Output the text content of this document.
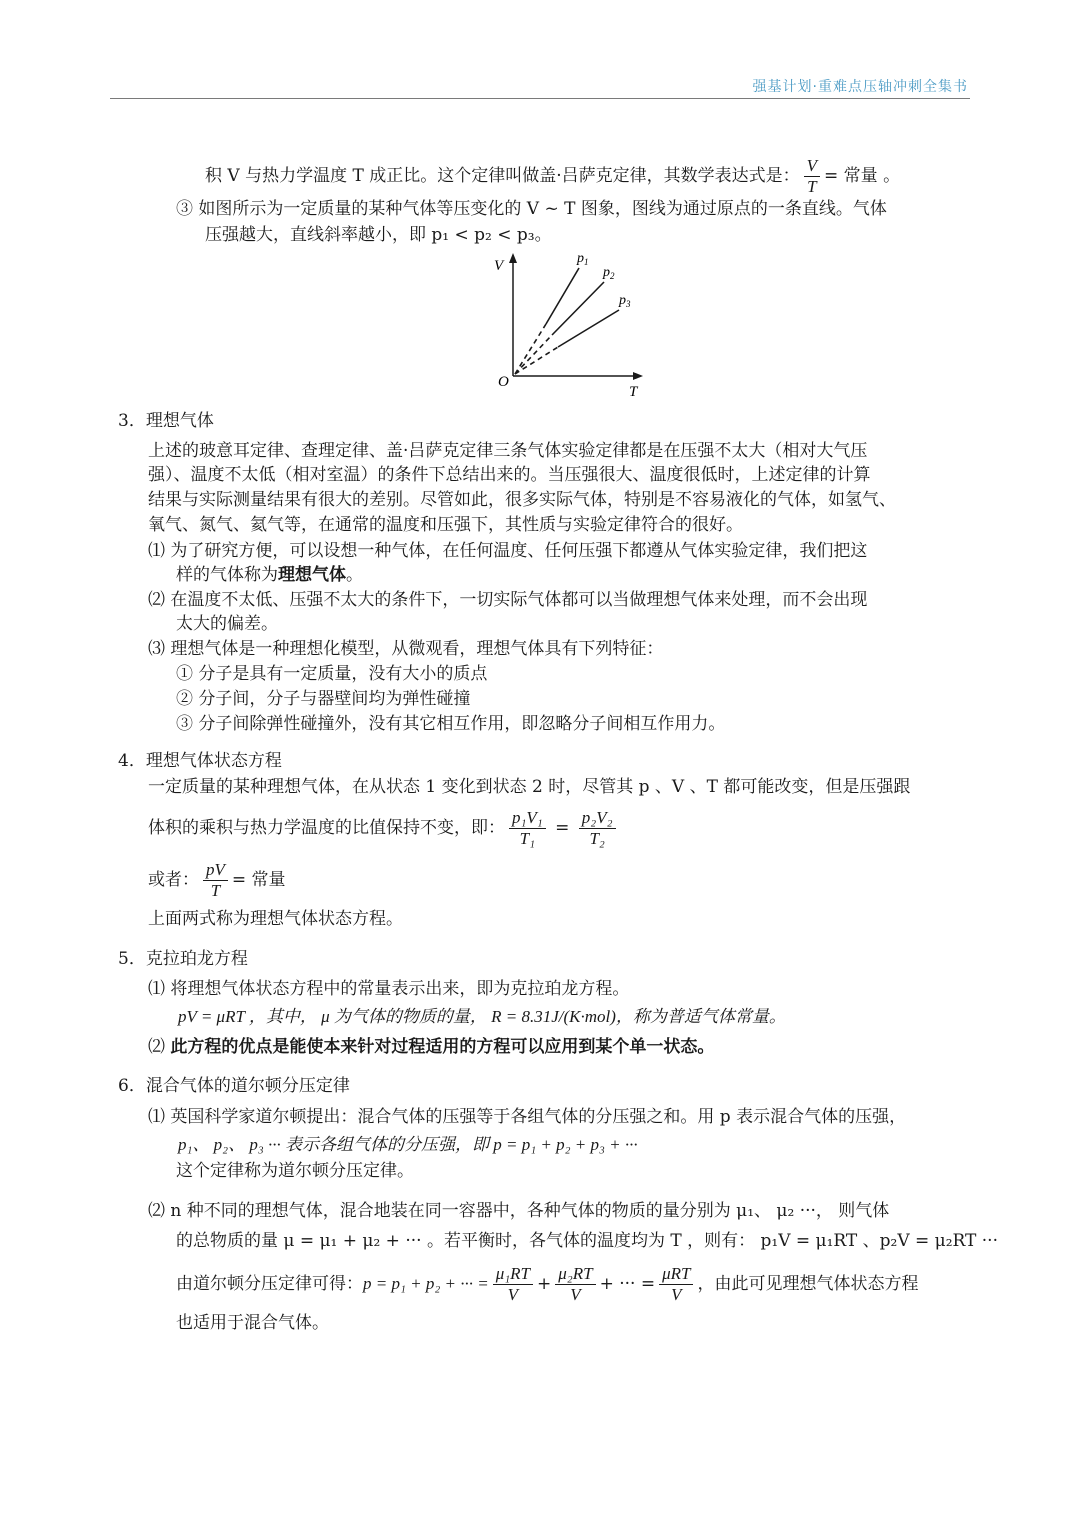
强基计划·重难点压轴冲刺全集书
积 V 与热力学温度 T 成正比。这个定律叫做盖·吕萨克定律，其数学表达式是： $\frac{V}{T}$ = 常量 。
③ 如图所示为一定质量的某种气体等压变化的 V ~ T 图象，图线为通过原点的一条直线。气体
压强越大，直线斜率越小，即 p₁ < p₂ < p₃。
V
T
O
$p_1$
$p_2$
$p_3$
3．理想气体
上述的玻意耳定律、查理定律、盖·吕萨克定律三条气体实验定律都是在压强不太大（相对大气压
强）、温度不太低（相对室温）的条件下总结出来的。当压强很大、温度很低时，上述定律的计算
结果与实际测量结果有很大的差别。尽管如此，很多实际气体，特别是不容易液化的气体，如氢气、
氧气、氮气、氦气等，在通常的温度和压强下，其性质与实验定律符合的很好。
⑴ 为了研究方便，可以设想一种气体，在任何温度、任何压强下都遵从气体实验定律，我们把这
样的气体称为理想气体。
⑵ 在温度不太低、压强不太大的条件下，一切实际气体都可以当做理想气体来处理，而不会出现
太大的偏差。
⑶ 理想气体是一种理想化模型，从微观看，理想气体具有下列特征：
① 分子是具有一定质量，没有大小的质点
② 分子间，分子与器壁间均为弹性碰撞
③ 分子间除弹性碰撞外，没有其它相互作用，即忽略分子间相互作用力。
4．理想气体状态方程
一定质量的某种理想气体，在从状态 1 变化到状态 2 时，尽管其 p 、V 、T 都可能改变，但是压强跟
体积的乘积与热力学温度的比值保持不变，即： $\frac{\text{p₁V₁}}{\text{T₁}} = \frac{\text{p₂V₂}}{\text{T₂}}$
或者： $\frac{pV}{T}$ = 常量
上面两式称为理想气体状态方程。
5．克拉珀龙方程
⑴ 将理想气体状态方程中的常量表示出来，即为克拉珀龙方程。
pV = μRT ，其中， μ 为气体的物质的量， R = 8.31J/(K·mol)，称为普适气体常量。
⑵ 此方程的优点是能使本来针对过程适用的方程可以应用到某个单一状态。
6．混合气体的道尔顿分压定律
⑴ 英国科学家道尔顿提出：混合气体的压强等于各组气体的分压强之和。用 p 表示混合气体的压强，
p₁、 p₂、 p₃ ··· 表示各组气体的分压强，即 p = p₁ + p₂ + p₃ + ···
这个定律称为道尔顿分压定律。
⑵ n 种不同的理想气体，混合地装在同一容器中，各种气体的物质的量分别为 μ₁、 μ₂ ···， 则气体
的总物质的量 μ = μ₁ + μ₂ + ··· 。若平衡时，各气体的温度均为 T ，则有： p₁V = μ₁RT 、p₂V = μ₂RT ···
由道尔顿分压定律可得：p = p₁ + p₂ + ··· = $\frac{\text{μ₁RT}}{V} + \frac{\text{μ₂RT}}{V}$ + ··· = $\frac{\text{μRT}}{V}$ ，由此可见理想气体状态方程
也适用于混合气体。
